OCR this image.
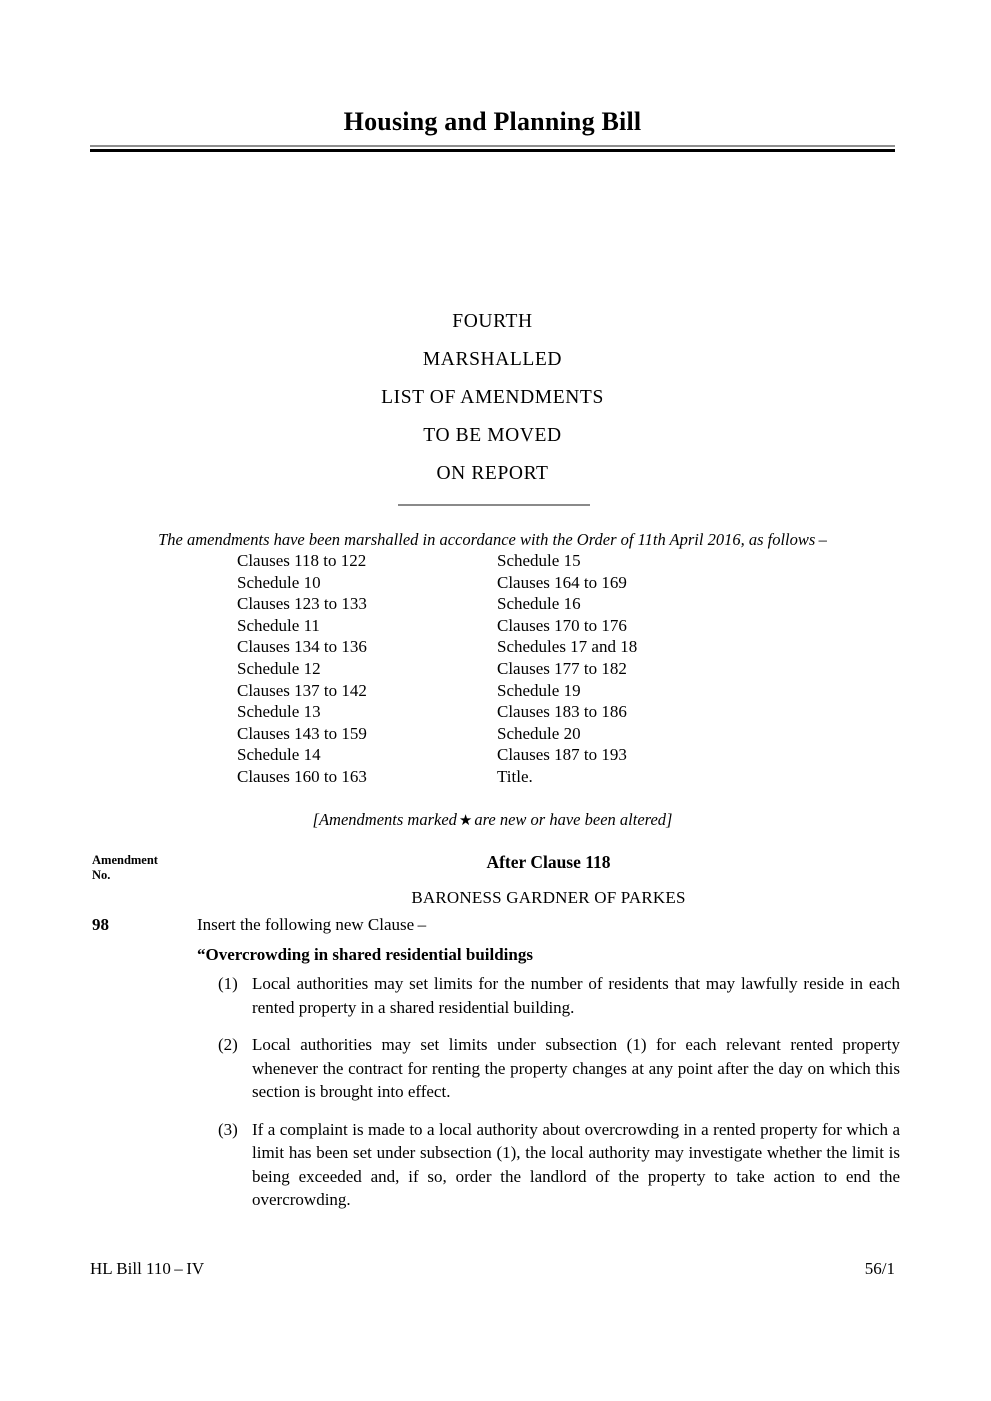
Housing and Planning Bill
FOURTH
MARSHALLED
LIST OF AMENDMENTS
TO BE MOVED
ON REPORT
The amendments have been marshalled in accordance with the Order of 11th April 2016, as follows –
Clauses 118 to 122
Schedule 10
Clauses 123 to 133
Schedule 11
Clauses 134 to 136
Schedule 12
Clauses 137 to 142
Schedule 13
Clauses 143 to 159
Schedule 14
Clauses 160 to 163
Schedule 15
Clauses 164 to 169
Schedule 16
Clauses 170 to 176
Schedules 17 and 18
Clauses 177 to 182
Schedule 19
Clauses 183 to 186
Schedule 20
Clauses 187 to 193
Title.
[Amendments marked ★ are new or have been altered]
Amendment
No.
After Clause 118
BARONESS GARDNER OF PARKES
98	Insert the following new Clause –
“Overcrowding in shared residential buildings
(1) Local authorities may set limits for the number of residents that may lawfully reside in each rented property in a shared residential building.
(2) Local authorities may set limits under subsection (1) for each relevant rented property whenever the contract for renting the property changes at any point after the day on which this section is brought into effect.
(3) If a complaint is made to a local authority about overcrowding in a rented property for which a limit has been set under subsection (1), the local authority may investigate whether the limit is being exceeded and, if so, order the landlord of the property to take action to end the overcrowding.
HL Bill 110 – IV	56/1
